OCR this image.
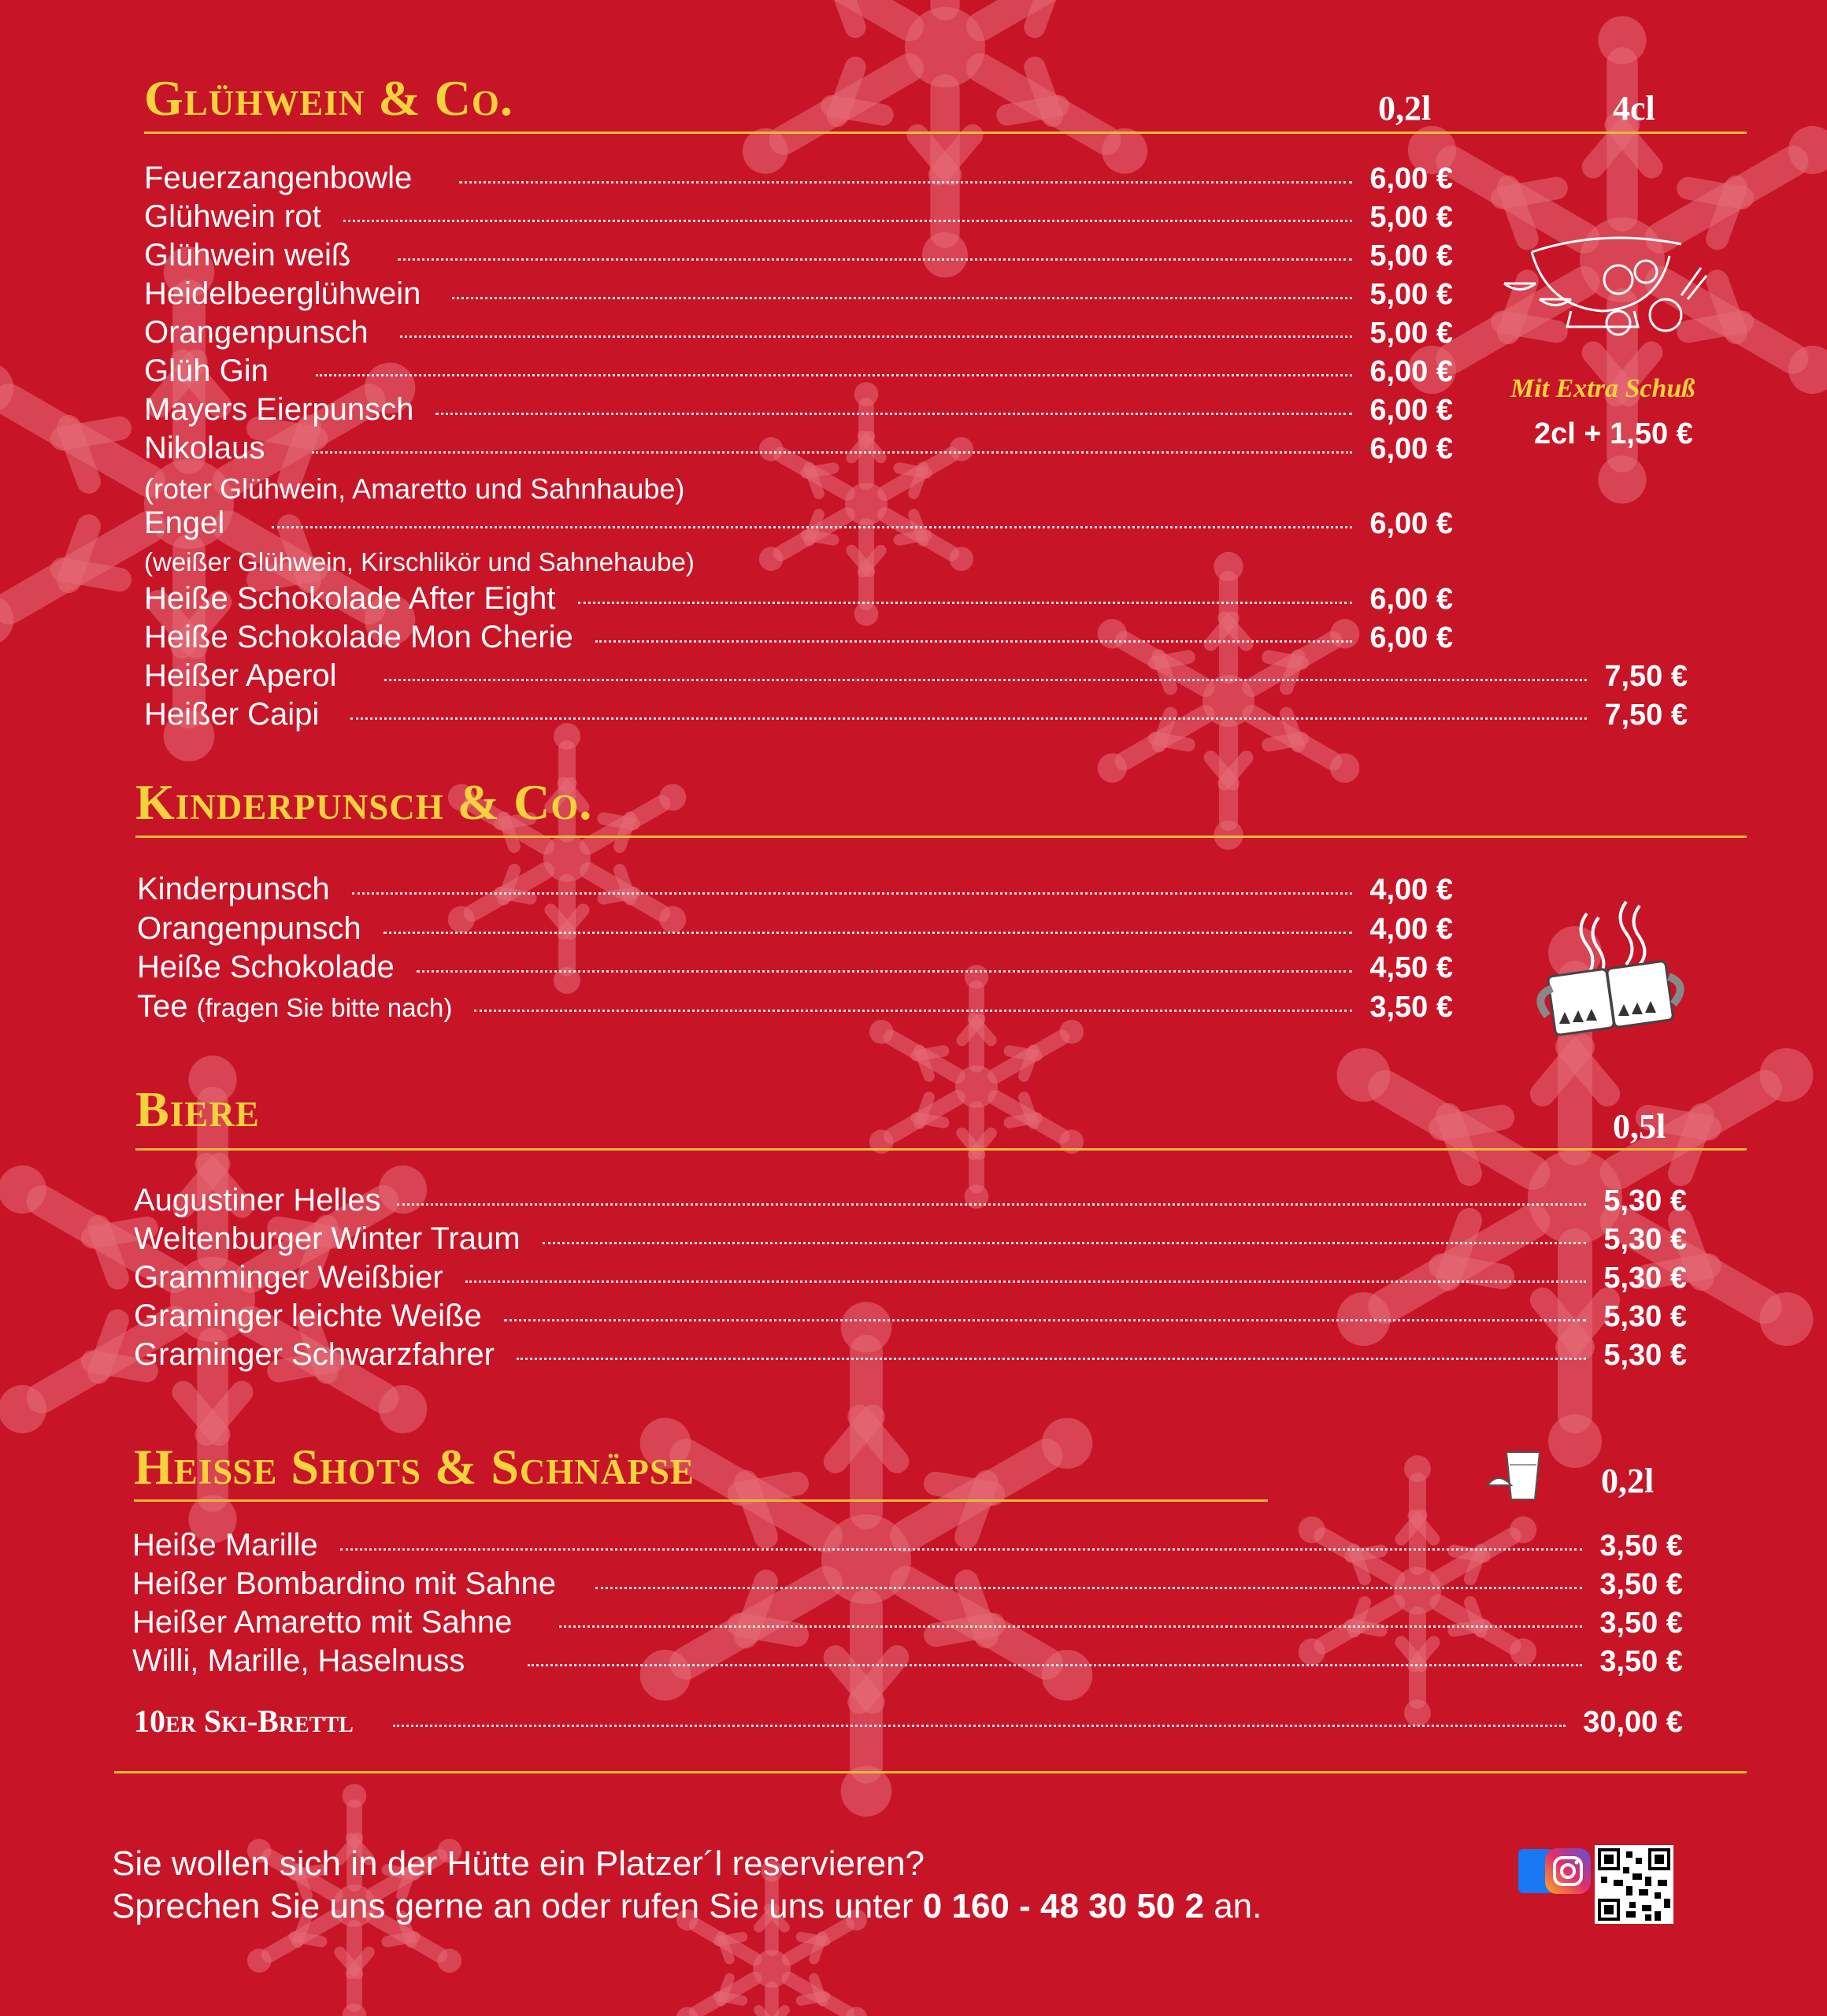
Glühwein & Co.	0,2l	4cl
Feuerzangenbowle	6,00 €
Glühwein rot	5,00 €
Glühwein weiß	5,00 €
Heidelbeerglühwein	5,00 €
Orangenpunsch	5,00 €
Glüh Gin	6,00 €
Mayers Eierpunsch	6,00 €
Nikolaus	6,00 €
(roter Glühwein, Amaretto und Sahnhaube)
Engel	6,00 €
(weißer Glühwein, Kirschlikör und Sahnehaube)
Heiße Schokolade After Eight	6,00 €
Heiße Schokolade Mon Cherie	6,00 €
Heißer Aperol	7,50 €
Heißer Caipi	7,50 €
Mit Extra Schuß
2cl + 1,50 €
Kinderpunsch & Co.
Kinderpunsch	4,00 €
Orangenpunsch	4,00 €
Heiße Schokolade	4,50 €
Tee (fragen Sie bitte nach)	3,50 €
Biere	0,5l
Augustiner Helles	5,30 €
Weltenburger Winter Traum	5,30 €
Gramminger Weißbier	5,30 €
Graminger leichte Weiße	5,30 €
Graminger Schwarzfahrer	5,30 €
Heiße Shots & Schnäpse	0,2l
Heiße Marille	3,50 €
Heißer Bombardino mit Sahne	3,50 €
Heißer Amaretto mit Sahne	3,50 €
Willi, Marille, Haselnuss	3,50 €
10er Ski-Brettl	30,00 €
Sie wollen sich in der Hütte ein Platzer´l reservieren?
Sprechen Sie uns gerne an oder rufen Sie uns unter 0 160 - 48 30 50 2 an.
